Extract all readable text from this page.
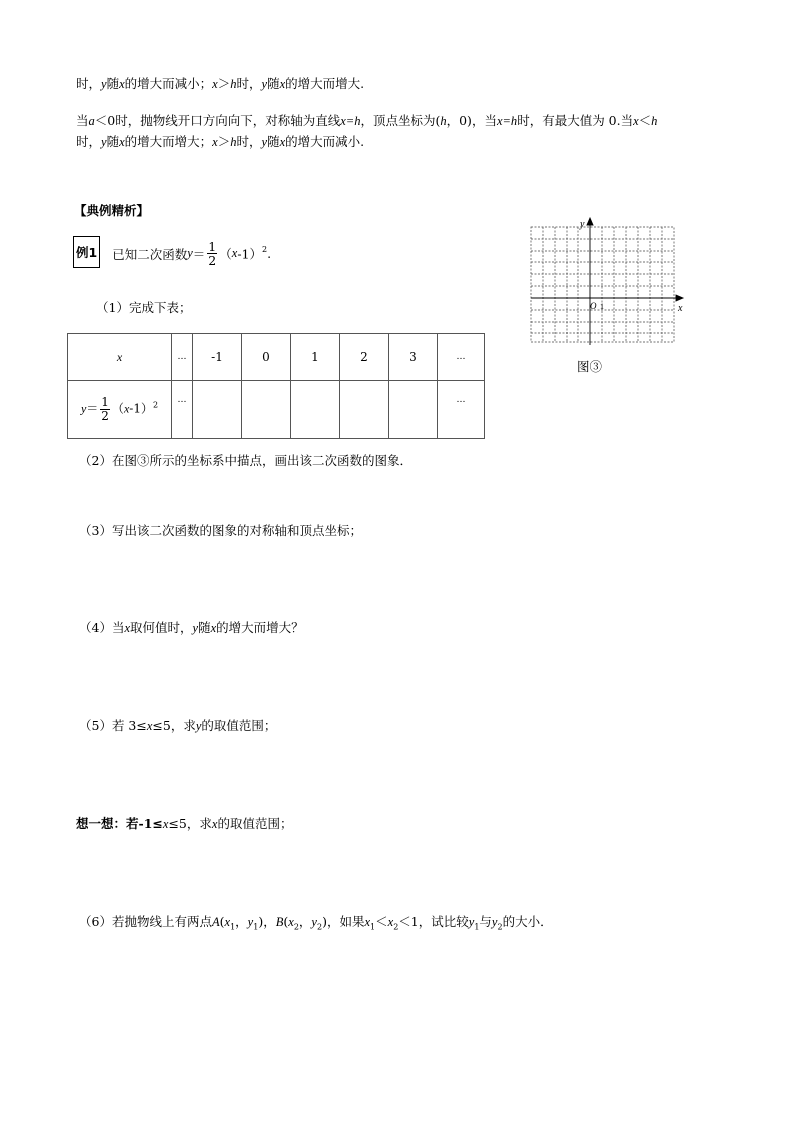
时，y随x的增大而减小；x＞h时，y随x的增大而增大.
当a＜0时，抛物线开口方向向下，对称轴为直线x=h，顶点坐标为(h，0)，当x=h时，有最大值为 0.当x＜h
时，y随x的增大而增大；x＞h时，y随x的增大而减小.
【典例精析】
例1 已知二次函数$y= \frac{1}{2} (x-1)^2$.
（1）完成下表；
x	…	-1	0	1	2	3	…
$y= \frac{1}{2} (x-1)^2$	…						…
y
x
O 1
图③
（2）在图③所示的坐标系中描点，画出该二次函数的图象．
（3）写出该二次函数的图象的对称轴和顶点坐标；
（4）当x取何值时，y随x的增大而增大？
（5）若 3≤x≤5，求y的取值范围；
想一想：若-1≤x≤5，求x的取值范围；
（6）若抛物线上有两点$A(x_1$，$y_1$)，$B(x_2$，$y_2$)，如果$x_1<x_2<1$，试比较$y_1$与$y_2$的大小．
